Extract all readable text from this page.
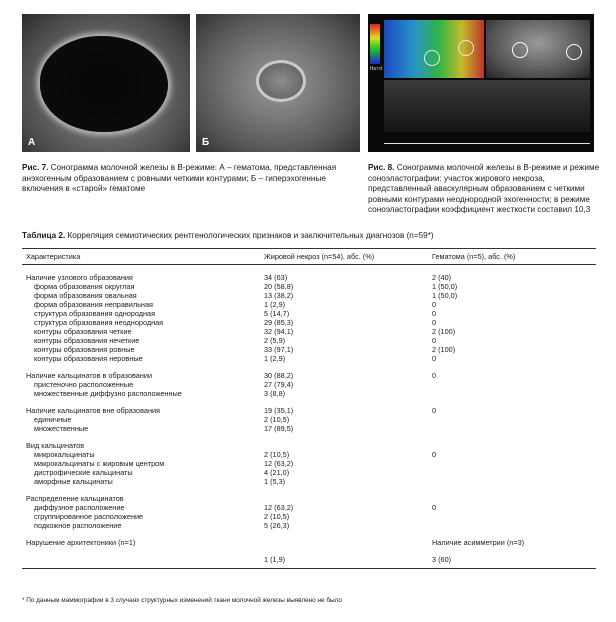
А	Б
Hard
Рис. 7. Сонограмма молочной железы в В-режиме: А – гематома, представленная анэхогенным образованием с ровными четкими контурами; Б – гиперэхогенные включения в «старой» гематоме
Рис. 8. Сонограмма молочной железы в В-режиме и режиме соноэластографии: участок жирового некроза, представленный аваскулярным образованием с четкими ровными контурами неоднородной эхогенности; в режиме соноэластографии коэффициент жесткости составил 10,3
Таблица 2. Корреляция семиотических рентгенологических признаков и заключительных диагнозов (n=59*)
Характеристика	Жировой некроз (n=54), абс. (%)	Гематома (n=5), абс. (%)

Наличие узлового образования	34 (63)	2 (40)
форма образования округлая	20 (58,8)	1 (50,0)
форма образования овальная	13 (38,2)	1 (50,0)
форма образования неправильная	1 (2,9)	0
структура образования однородная	5 (14,7)	0
структура образования неоднородная	29 (85,3)	0
контуры образования четкие	32 (94,1)	2 (100)
контуры образования нечеткие	2 (5,9)	0
контуры образования ровные	33 (97,1)	2 (100)
контуры образования неровные	1 (2,9)	0

Наличие кальцинатов в образовании	30 (88,2)	0
пристеночно расположенные	27 (79,4)	
множественные диффузно расположенные	3 (8,8)	

Наличие кальцинатов вне образования	19 (35,1)	0
единичные	2 (10,5)	
множественные	17 (89,5)	

Вид кальцинатов		
микрокальцинаты	2 (10,5)	0
макрокальцинаты с жировым центром	12 (63,2)	
дистрофические кальцинаты	4 (21,0)	
аморфные кальцинаты	1 (5,3)	

Распределение кальцинатов		
диффузное расположение	12 (63,2)	0
сгруппированное расположение	2 (10,5)	
подкожное расположение	5 (26,3)	

Нарушение архитектоники (n=1)		Наличие асимметрии (n=3)

	1 (1,9)	3 (60)
* По данным маммографии в 3 случаях структурных изменений ткани молочной железы выявлено не было
